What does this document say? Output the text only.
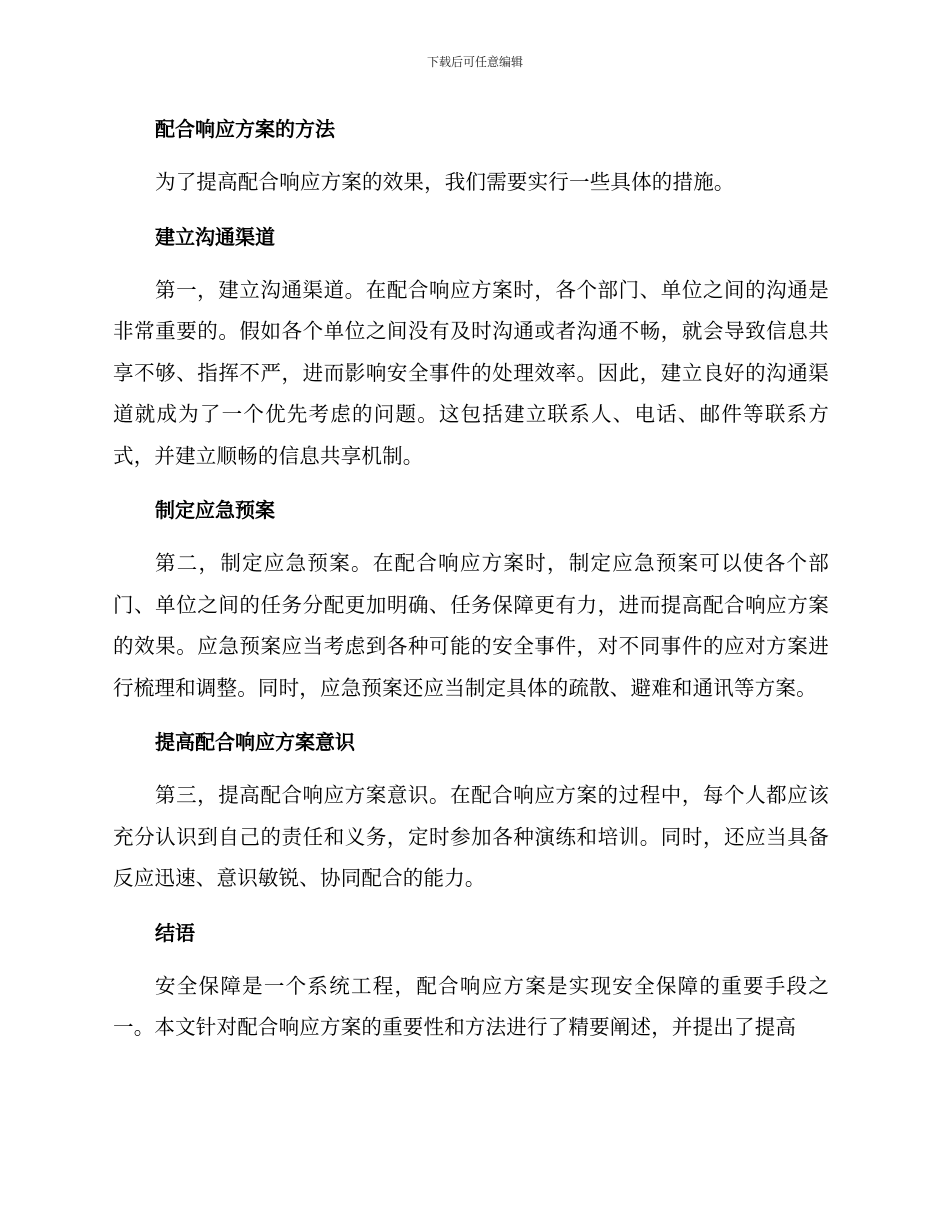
下载后可任意编辑
配合响应方案的方法

为了提高配合响应方案的效果，我们需要实行一些具体的措施。

建立沟通渠道

第一，建立沟通渠道。在配合响应方案时，各个部门、单位之间的沟通是非常重要的。假如各个单位之间没有及时沟通或者沟通不畅，就会导致信息共享不够、指挥不严，进而影响安全事件的处理效率。因此，建立良好的沟通渠道就成为了一个优先考虑的问题。这包括建立联系人、电话、邮件等联系方式，并建立顺畅的信息共享机制。

制定应急预案

第二，制定应急预案。在配合响应方案时，制定应急预案可以使各个部门、单位之间的任务分配更加明确、任务保障更有力，进而提高配合响应方案的效果。应急预案应当考虑到各种可能的安全事件，对不同事件的应对方案进行梳理和调整。同时，应急预案还应当制定具体的疏散、避难和通讯等方案。

提高配合响应方案意识

第三，提高配合响应方案意识。在配合响应方案的过程中，每个人都应该充分认识到自己的责任和义务，定时参加各种演练和培训。同时，还应当具备反应迅速、意识敏锐、协同配合的能力。

结语

安全保障是一个系统工程，配合响应方案是实现安全保障的重要手段之一。本文针对配合响应方案的重要性和方法进行了精要阐述，并提出了提高
